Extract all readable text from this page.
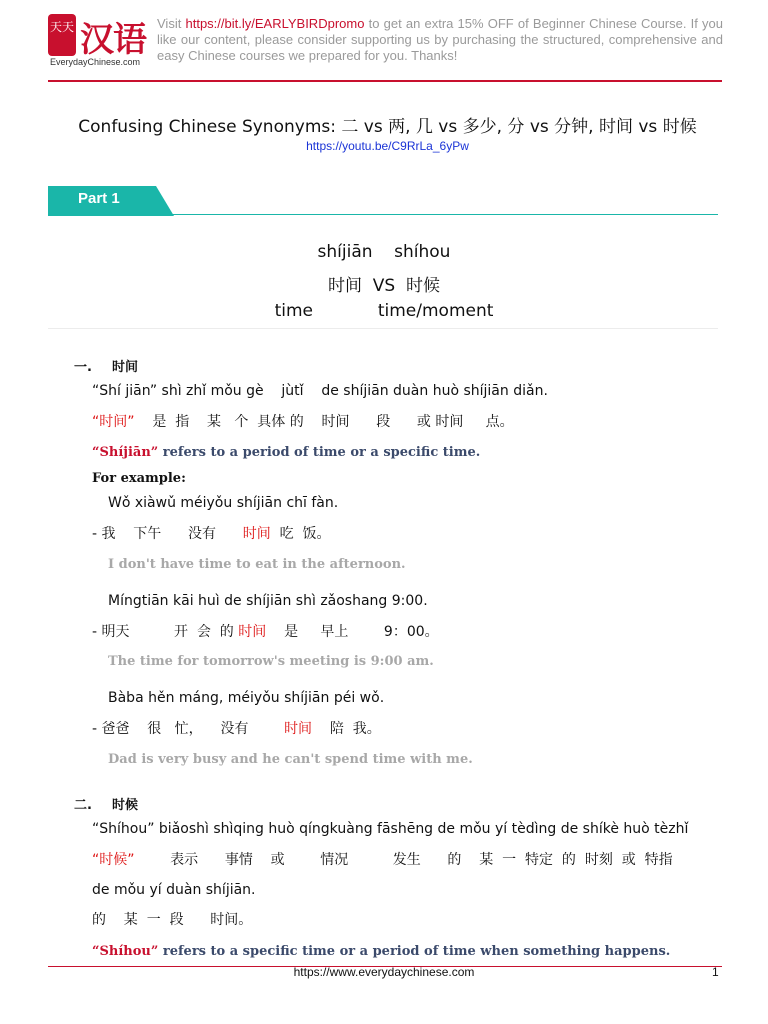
天天 汉语
EverydayChinese.com
Visit https://bit.ly/EARLYBIRDpromo to get an extra 15% OFF of Beginner Chinese Course. If you like our content, please consider supporting us by purchasing the structured, comprehensive and easy Chinese courses we prepared for you. Thanks!
Confusing Chinese Synonyms: 二 vs 两, 几 vs 多少, 分 vs 分钟, 时间 vs 时候
https://youtu.be/C9RrLa_6yPw
Part 1
shíjiān    shíhou
时间  VS  时候
time            time/moment
一. 时间
“Shí jiān” shì zhǐ mǒu gè    jùtǐ    de shíjiān duàn huò shíjiān diǎn.
“时间”    是  指    某   个  具体 的    时间      段      或 时间     点。
“Shíjiān” refers to a period of time or a specific time.
For example:
Wǒ xiàwǔ méiyǒu shíjiān chī fàn.
- 我    下午      没有      时间  吃  饭。
I don't have time to eat in the afternoon.
Míngtiān kāi huì de shíjiān shì zǎoshang 9:00.
- 明天          开  会  的 时间    是     早上        9：00。
The time for tomorrow's meeting is 9:00 am.
Bàba hěn máng, méiyǒu shíjiān péi wǒ.
- 爸爸    很   忙，    没有        时间    陪  我。
Dad is very busy and he can't spend time with me.
二. 时候
“Shíhou” biǎoshì shìqing huò qíngkuàng fāshēng de mǒu yí tèdìng de shíkè huò tèzhǐ
“时候”        表示      事情    或        情况          发生      的    某  一  特定  的  时刻  或  特指
de mǒu yí duàn shíjiān.
的    某  一  段      时间。
“Shíhou” refers to a specific time or a period of time when something happens.
https://www.everydaychinese.com	1
